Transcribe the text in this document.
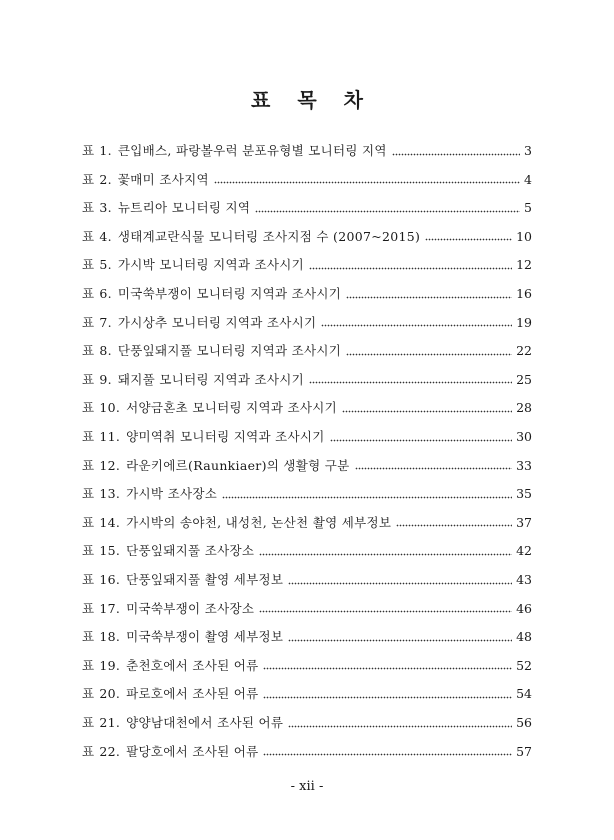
표 목 차
표 1. 큰입배스, 파랑볼우럭 분포유형별 모니터링 지역	3
표 2. 꽃매미 조사지역	4
표 3. 뉴트리아 모니터링 지역	5
표 4. 생태계교란식물 모니터링 조사지점 수 (2007~2015)	10
표 5. 가시박 모니터링 지역과 조사시기	12
표 6. 미국쑥부쟁이 모니터링 지역과 조사시기	16
표 7. 가시상추 모니터링 지역과 조사시기	19
표 8. 단풍잎돼지풀 모니터링 지역과 조사시기	22
표 9. 돼지풀 모니터링 지역과 조사시기	25
표 10. 서양금혼초 모니터링 지역과 조사시기	28
표 11. 양미역취 모니터링 지역과 조사시기	30
표 12. 라운키에르(Raunkiaer)의 생활형 구분	33
표 13. 가시박 조사장소	35
표 14. 가시박의 송야천, 내성천, 논산천 촬영 세부정보	37
표 15. 단풍잎돼지풀 조사장소	42
표 16. 단풍잎돼지풀 촬영 세부정보	43
표 17. 미국쑥부쟁이 조사장소	46
표 18. 미국쑥부쟁이 촬영 세부정보	48
표 19. 춘천호에서 조사된 어류	52
표 20. 파로호에서 조사된 어류	54
표 21. 양양남대천에서 조사된 어류	56
표 22. 팔당호에서 조사된 어류	57
- xii -
